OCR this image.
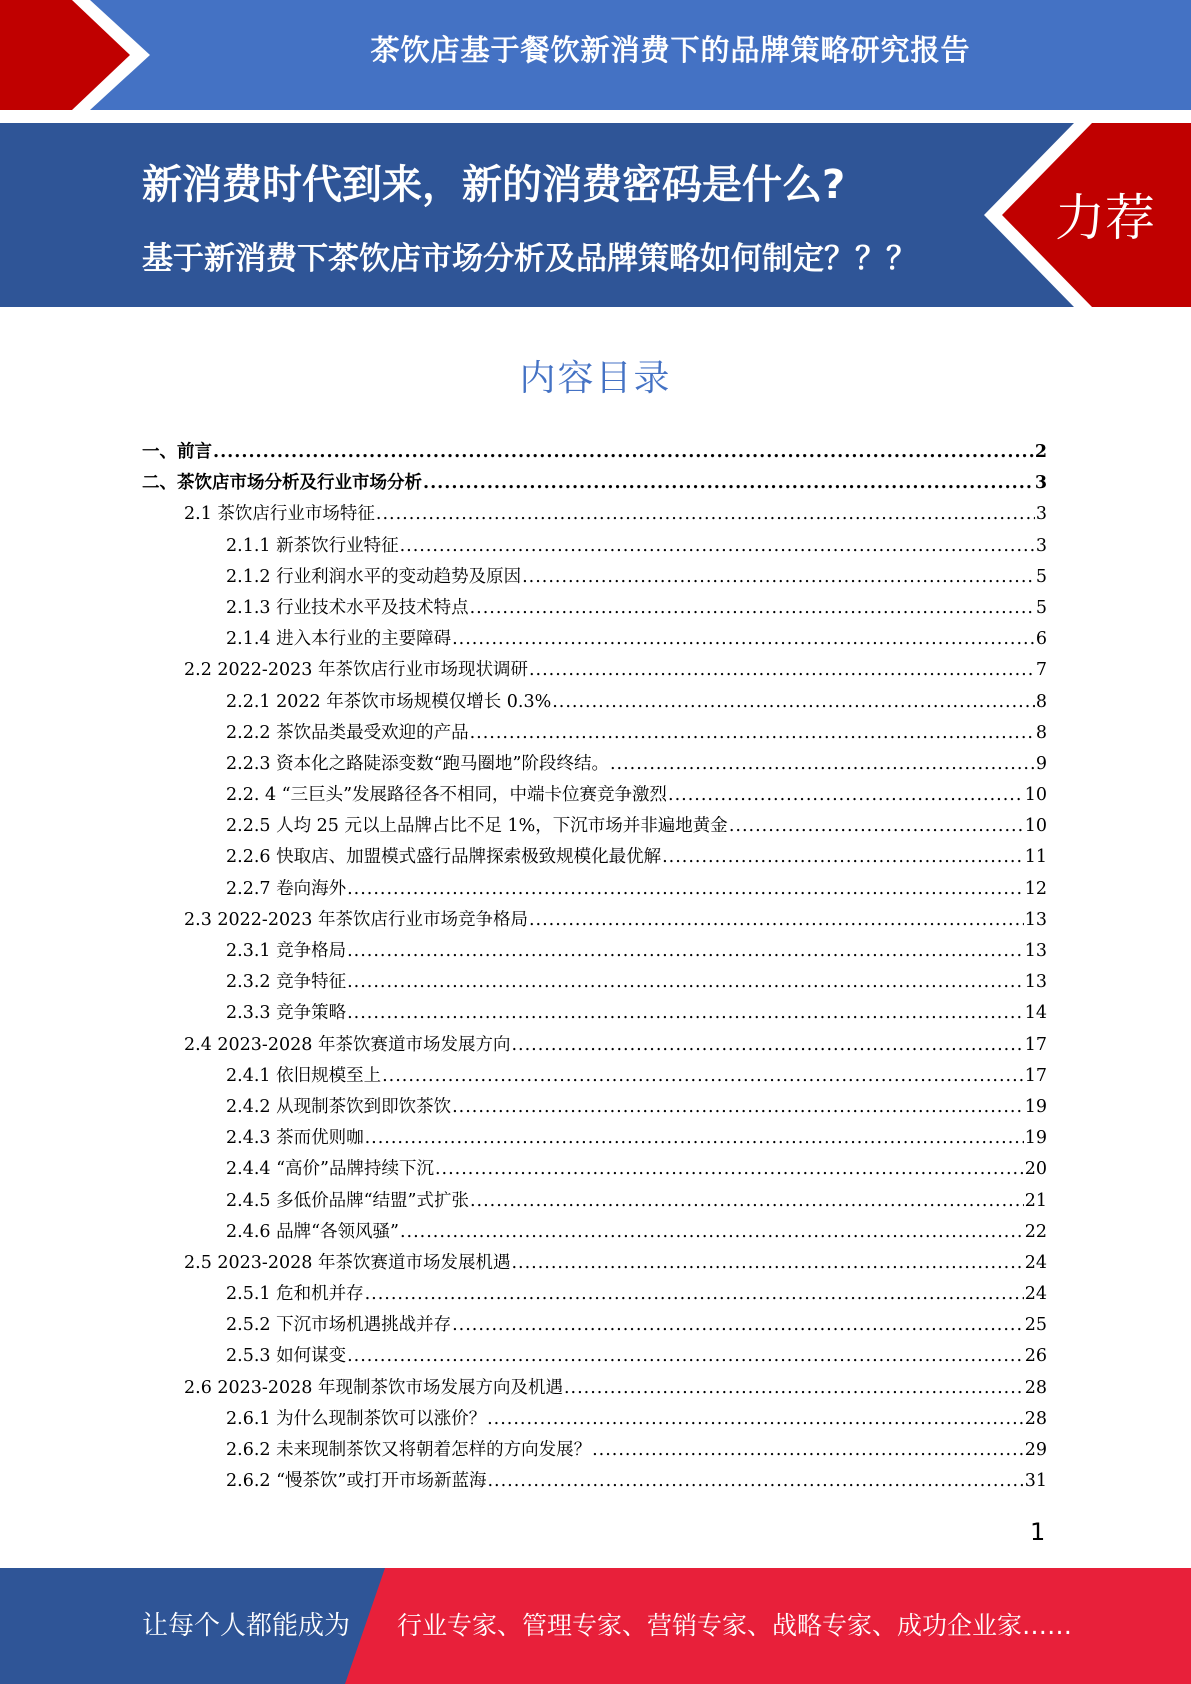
茶饮店基于餐饮新消费下的品牌策略研究报告
新消费时代到来，新的消费密码是什么?
基于新消费下茶饮店市场分析及品牌策略如何制定？？？
力荐
内容目录
一、前言 .....	2
二、茶饮店市场分析及行业市场分析 .....	3
2.1 茶饮店行业市场特征 .....	3
2.1.1 新茶饮行业特征 .....	3
2.1.2 行业利润水平的变动趋势及原因 .....	5
2.1.3 行业技术水平及技术特点 .....	5
2.1.4 进入本行业的主要障碍 .....	6
2.2 2022-2023 年茶饮店行业市场现状调研 .....	7
2.2.1 2022 年茶饮市场规模仅增长 0.3% .....	8
2.2.2 茶饮品类最受欢迎的产品 .....	8
2.2.3 资本化之路陡添变数“跑马圈地”阶段终结。 .....	9
2.2. 4 “三巨头”发展路径各不相同，中端卡位赛竞争激烈 .....	10
2.2.5 人均 25 元以上品牌占比不足 1%，下沉市场并非遍地黄金 .....	10
2.2.6 快取店、加盟模式盛行品牌探索极致规模化最优解 .....	11
2.2.7 卷向海外 .....	12
2.3 2022-2023 年茶饮店行业市场竞争格局 .....	13
2.3.1 竞争格局 .....	13
2.3.2 竞争特征 .....	13
2.3.3 竞争策略 .....	14
2.4 2023-2028 年茶饮赛道市场发展方向 .....	17
2.4.1 依旧规模至上 .....	17
2.4.2 从现制茶饮到即饮茶饮 .....	19
2.4.3 茶而优则咖 .....	19
2.4.4 “高价”品牌持续下沉 .....	20
2.4.5 多低价品牌“结盟”式扩张 .....	21
2.4.6 品牌“各领风骚” .....	22
2.5 2023-2028 年茶饮赛道市场发展机遇 .....	24
2.5.1 危和机并存 .....	24
2.5.2 下沉市场机遇挑战并存 .....	25
2.5.3 如何谋变 .....	26
2.6 2023-2028 年现制茶饮市场发展方向及机遇 .....	28
2.6.1 为什么现制茶饮可以涨价？ .....	28
2.6.2 未来现制茶饮又将朝着怎样的方向发展？ .....	29
2.6.2 “慢茶饮”或打开市场新蓝海 .....	31
1
让每个人都能成为 行业专家、管理专家、营销专家、战略专家、成功企业家……
